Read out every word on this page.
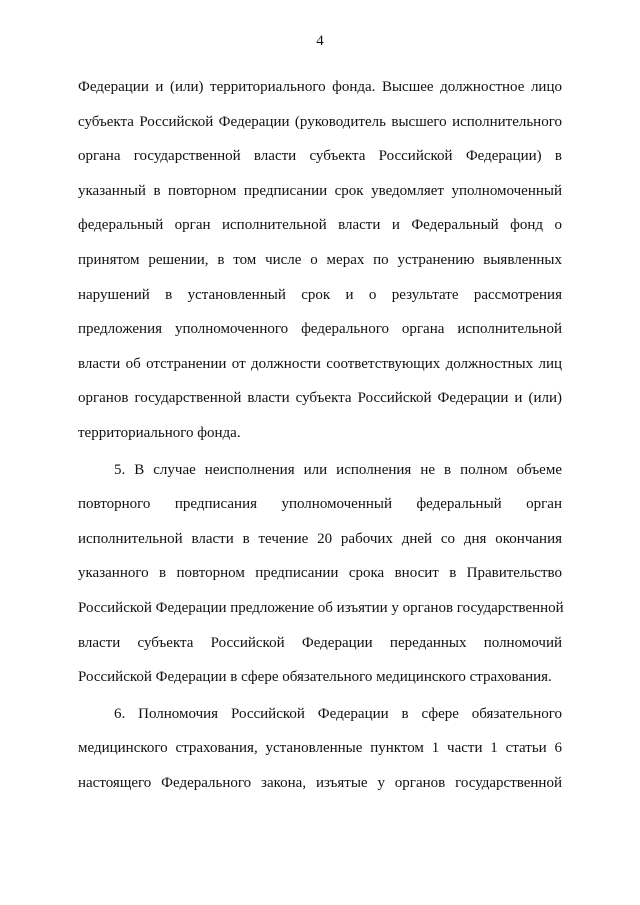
4
Федерации и (или) территориального фонда. Высшее должностное лицо
субъекта Российской Федерации (руководитель высшего исполнительного
органа государственной власти субъекта Российской Федерации) в
указанный в повторном предписании срок уведомляет уполномоченный
федеральный орган исполнительной власти и Федеральный фонд о
принятом решении, в том числе о мерах по устранению выявленных
нарушений в установленный срок и о результате рассмотрения
предложения уполномоченного федерального органа исполнительной
власти об отстранении от должности соответствующих должностных лиц
органов государственной власти субъекта Российской Федерации и (или)
территориального фонда.
5. В случае неисполнения или исполнения не в полном объеме
повторного предписания уполномоченный федеральный орган
исполнительной власти в течение 20 рабочих дней со дня окончания
указанного в повторном предписании срока вносит в Правительство
Российской Федерации предложение об изъятии у органов государственной
власти субъекта Российской Федерации переданных полномочий
Российской Федерации в сфере обязательного медицинского страхования.
6. Полномочия Российской Федерации в сфере обязательного
медицинского страхования, установленные пунктом 1 части 1 статьи 6
настоящего Федерального закона, изъятые у органов государственной
